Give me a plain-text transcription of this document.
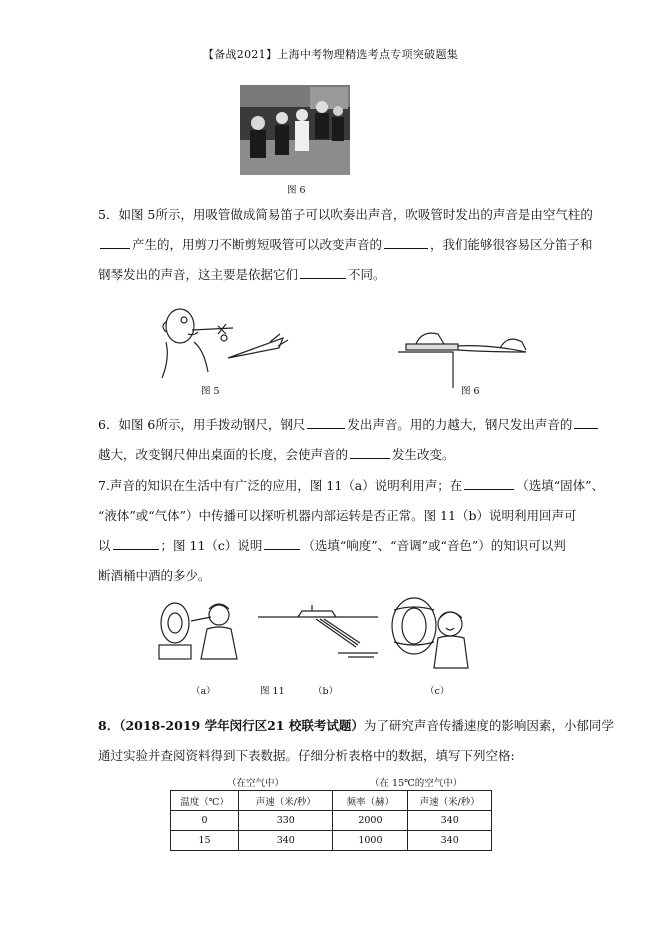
【备战2021】上海中考物理精选考点专项突破题集
图 6
5．如图 5所示，用吸管做成简易笛子可以吹奏出声音，吹吸管时发出的声音是由空气柱的
产生的，用剪刀不断剪短吸管可以改变声音的	，我们能够很容易区分笛子和
钢琴发出的声音，这主要是依据它们	不同。
图 5	图 6
6．如图 6所示，用手拨动钢尺，钢尺	发出声音。用的力越大，钢尺发出声音的
越大，改变钢尺伸出桌面的长度，会使声音的	发生改变。
7.声音的知识在生活中有广泛的应用，图 11（a）说明利用声；在	（选填“固体”、
“液体”或“气体”）中传播可以探听机器内部运转是否正常。图 11（b）说明利用回声可
以	；图 11（c）说明	（选填“响度”、“音调”或“音色”）的知识可以判
断酒桶中酒的多少。
（a）	图 11	（b）	（c）
8．（2018-2019 学年闵行区21 校联考试题）为了研究声音传播速度的影响因素，小郁同学
通过实验并查阅资料得到下表数据。仔细分析表格中的数据，填写下列空格:
（在空气中）	（在 15℃的空气中）
温度（℃）	声速（米/秒）	频率（赫）	声速（米/秒）
0	330	2000	340
15	340	1000	340
